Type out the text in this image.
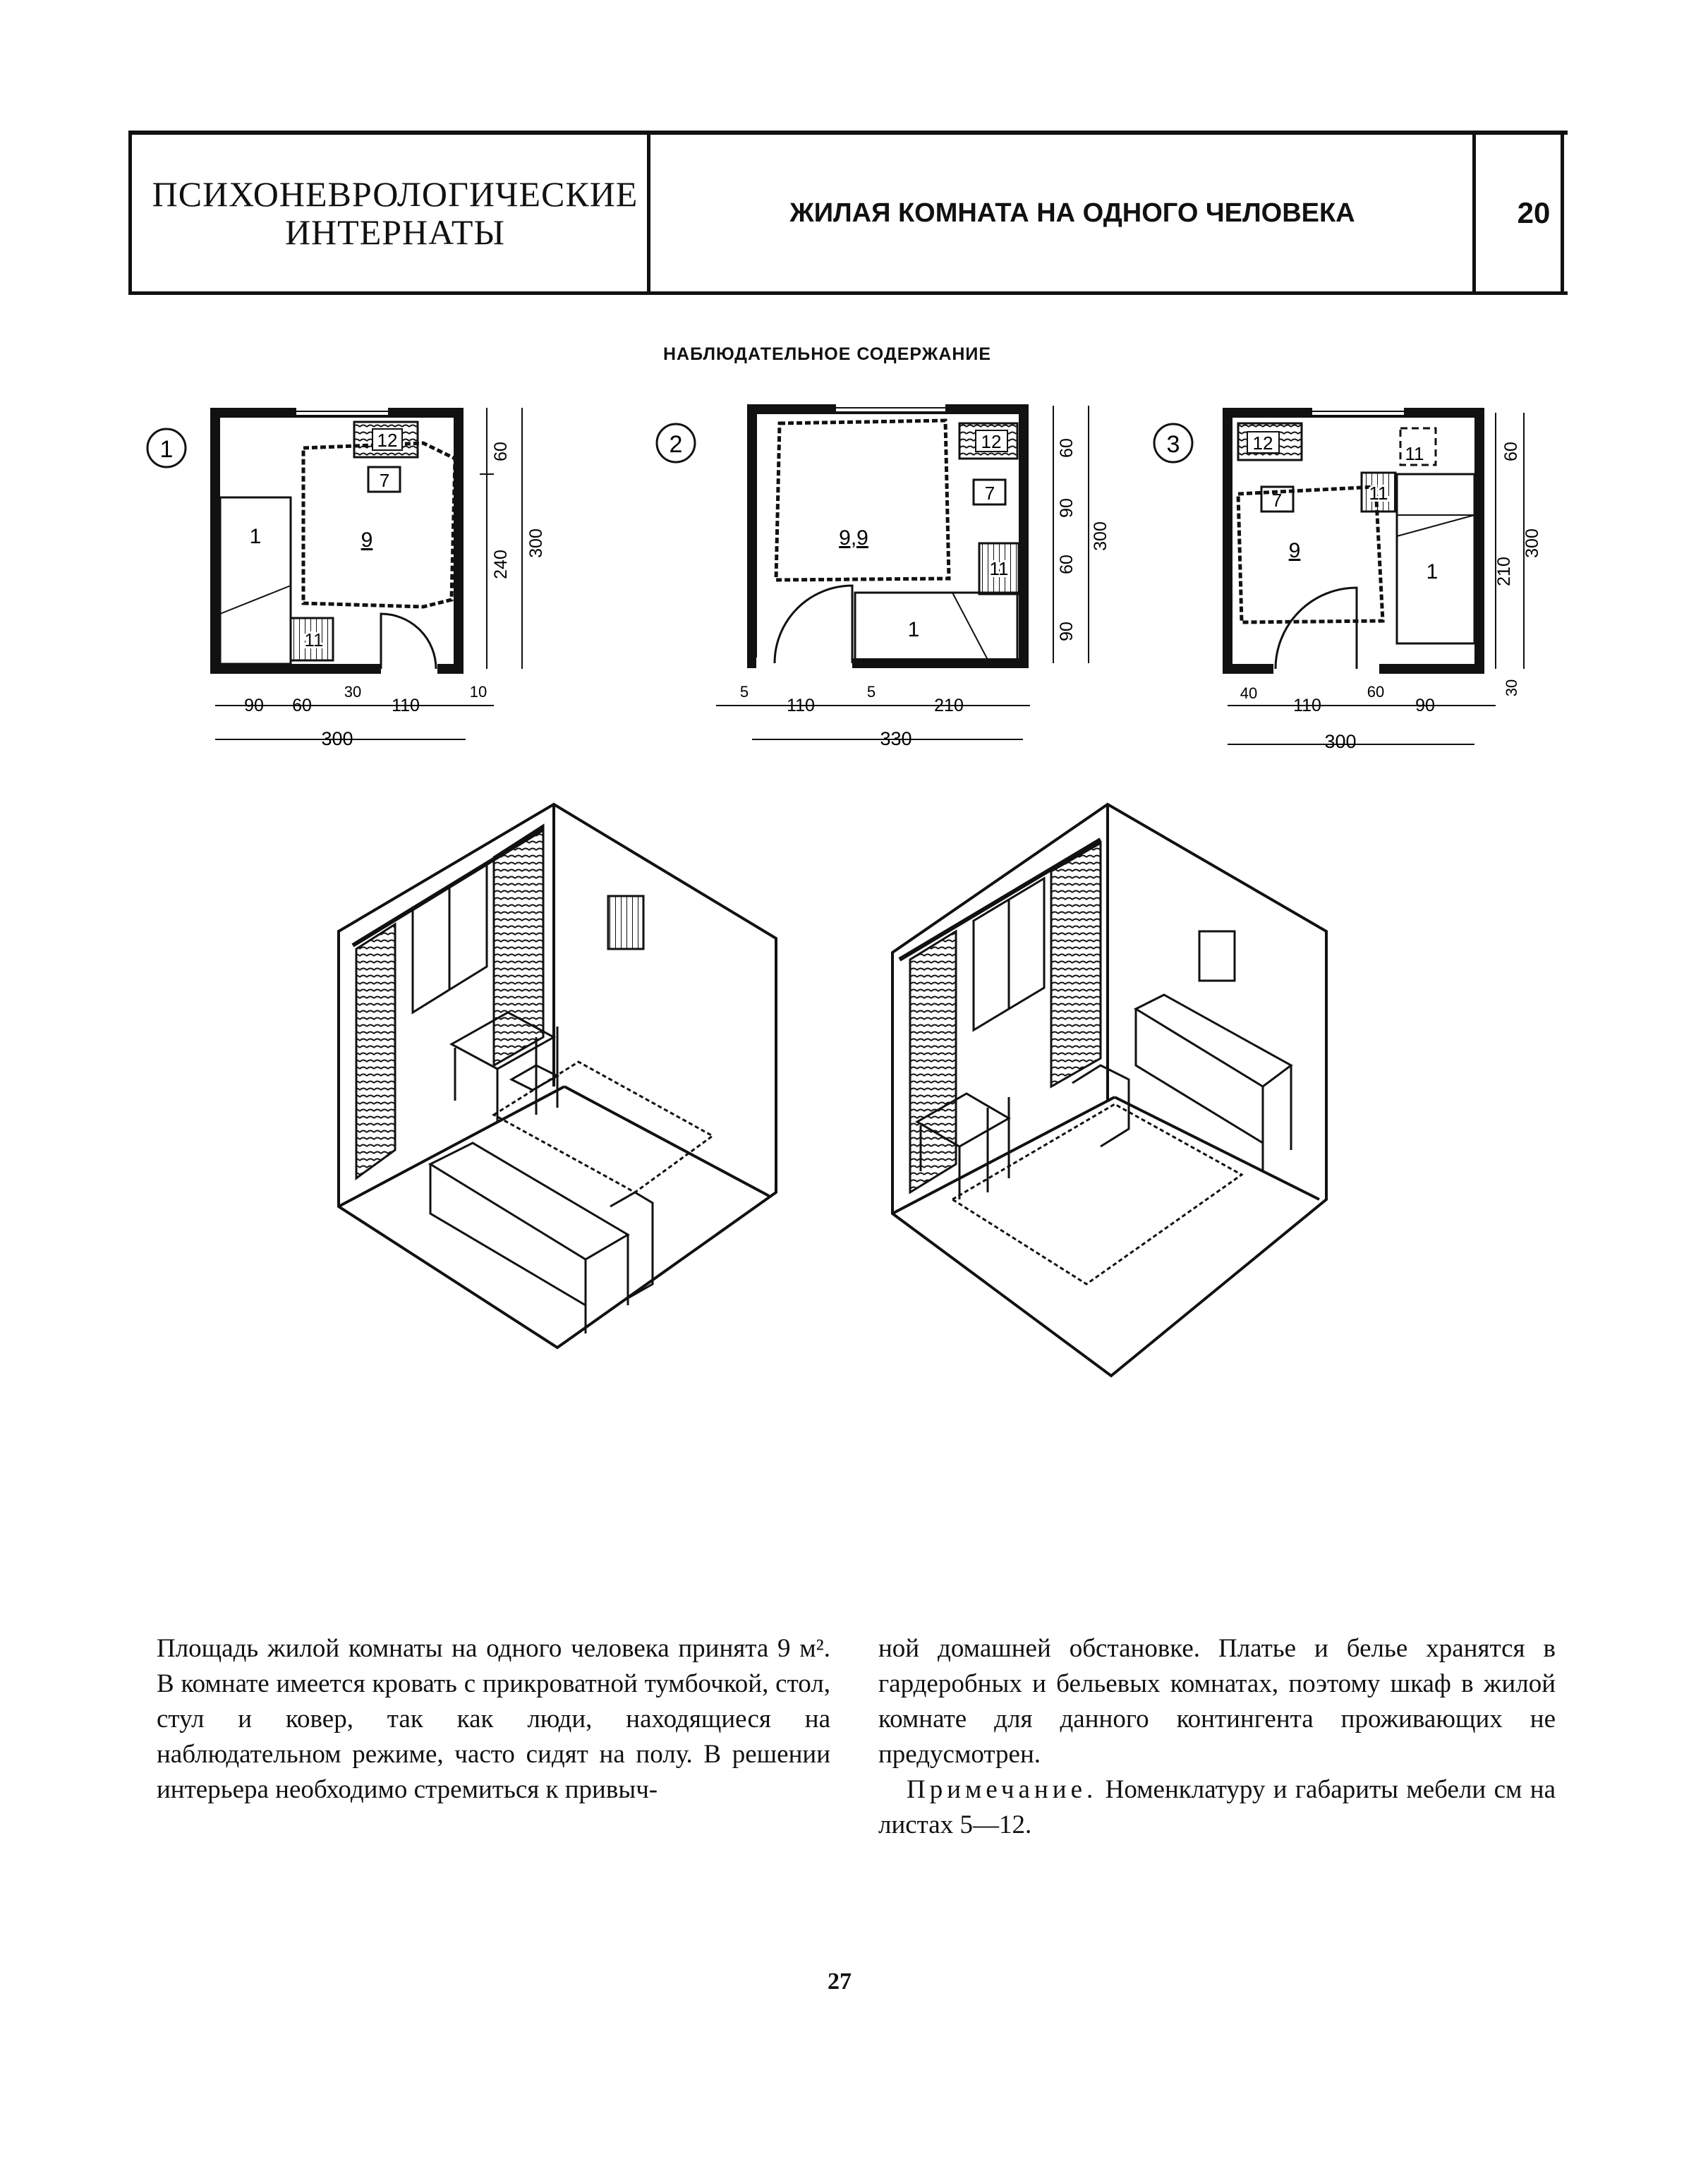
ПСИХОНЕВРОЛОГИЧЕСКИЕ
ИНТЕРНАТЫ	ЖИЛАЯ КОМНАТА НА ОДНОГО ЧЕЛОВЕКА	20
НАБЛЮДАТЕЛЬНОЕ СОДЕРЖАНИЕ
1
1	9
12
7
11
60
240
300
90 60
30
110
10
300
2
9,9
12
7
11
1
60
90
60
90
300
5
110
5
210
330
3	12	11
7
9
11
1
60
210
300
30
40
110
60
90
300
Площадь жилой комнаты на одного человека принята 9 м². В комнате имеется кровать с прикроватной тумбочкой, стол, стул и ковер, так как люди, находящиеся на наблюдательном режиме, часто сидят на полу. В решении интерьера необходимо стремиться к привыч-
ной домашней обстановке. Платье и белье хранятся в гардеробных и бельевых комнатах, поэтому шкаф в жилой комнате для данного контингента проживающих не предусмотрен.
Примечание. Номенклатуру и габариты мебели см на листах 5—12.
27
